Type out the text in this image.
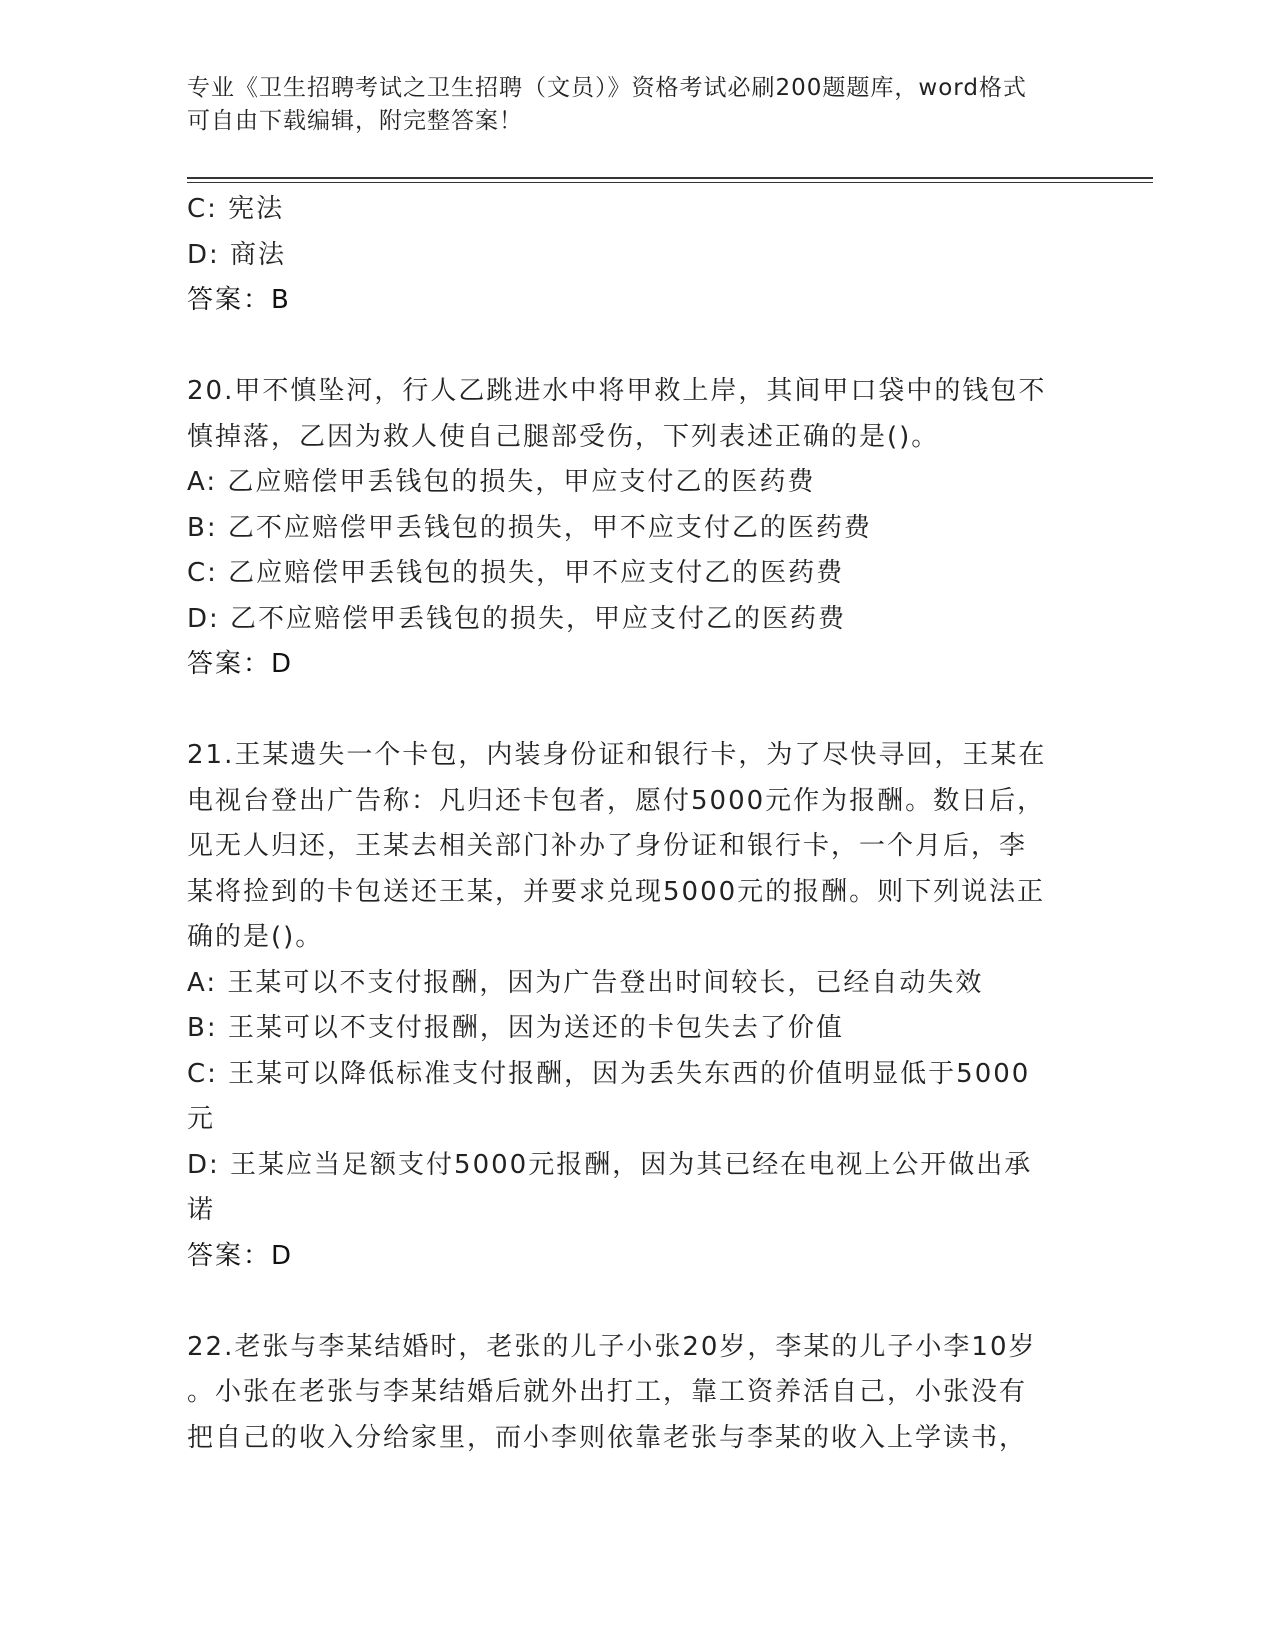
专业《卫生招聘考试之卫生招聘（文员）》资格考试必刷200题题库，word格式
可自由下载编辑，附完整答案！
C: 宪法
D: 商法
答案：B
20.甲不慎坠河，行人乙跳进水中将甲救上岸，其间甲口袋中的钱包不
慎掉落，乙因为救人使自己腿部受伤，下列表述正确的是()。
A: 乙应赔偿甲丢钱包的损失，甲应支付乙的医药费
B: 乙不应赔偿甲丢钱包的损失，甲不应支付乙的医药费
C: 乙应赔偿甲丢钱包的损失，甲不应支付乙的医药费
D: 乙不应赔偿甲丢钱包的损失，甲应支付乙的医药费
答案：D
21.王某遗失一个卡包，内装身份证和银行卡，为了尽快寻回，王某在
电视台登出广告称：凡归还卡包者，愿付5000元作为报酬。数日后，
见无人归还，王某去相关部门补办了身份证和银行卡，一个月后，李
某将捡到的卡包送还王某，并要求兑现5000元的报酬。则下列说法正
确的是()。
A: 王某可以不支付报酬，因为广告登出时间较长，已经自动失效
B: 王某可以不支付报酬，因为送还的卡包失去了价值
C: 王某可以降低标准支付报酬，因为丢失东西的价值明显低于5000
元
D: 王某应当足额支付5000元报酬，因为其已经在电视上公开做出承
诺
答案：D
22.老张与李某结婚时，老张的儿子小张20岁，李某的儿子小李10岁
。小张在老张与李某结婚后就外出打工，靠工资养活自己，小张没有
把自己的收入分给家里，而小李则依靠老张与李某的收入上学读书，
